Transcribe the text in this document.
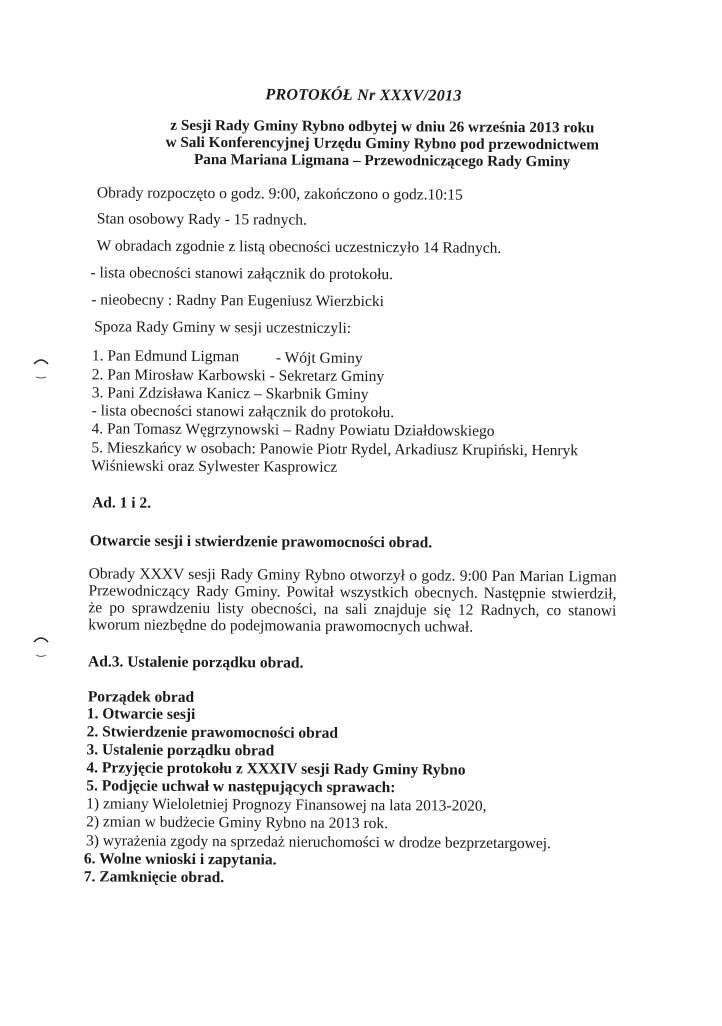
PROTOKÓŁ Nr XXXV/2013
z Sesji Rady Gminy Rybno odbytej w dniu 26 września 2013 roku
w Sali Konferencyjnej Urzędu Gminy Rybno pod przewodnictwem
Pana Mariana Ligmana – Przewodniczącego Rady Gminy
Obrady rozpoczęto o godz. 9:00, zakończono o godz.10:15
Stan osobowy Rady - 15 radnych.
W obradach zgodnie z listą obecności uczestniczyło 14 Radnych.
- lista obecności stanowi załącznik do protokołu.
- nieobecny : Radny Pan Eugeniusz Wierzbicki
Spoza Rady Gminy w sesji uczestniczyli:
1. Pan Edmund Ligman - Wójt Gminy
2. Pan Mirosław Karbowski - Sekretarz Gminy
3. Pani Zdzisława Kanicz – Skarbnik Gminy
- lista obecności stanowi załącznik do protokołu.
4. Pan Tomasz Węgrzynowski – Radny Powiatu Działdowskiego
5. Mieszkańcy w osobach: Panowie Piotr Rydel, Arkadiusz Krupiński, Henryk
Wiśniewski oraz Sylwester Kasprowicz
Ad. 1 i 2.
Otwarcie sesji i stwierdzenie prawomocności obrad.
Obrady XXXV sesji Rady Gminy Rybno otworzył o godz. 9:00 Pan Marian Ligman
Przewodniczący Rady Gminy. Powitał wszystkich obecnych. Następnie stwierdził,
że po sprawdzeniu listy obecności, na sali znajduje się 12 Radnych, co stanowi
kworum niezbędne do podejmowania prawomocnych uchwał.
Ad.3. Ustalenie porządku obrad.
Porządek obrad
1. Otwarcie sesji
2. Stwierdzenie prawomocności obrad
3. Ustalenie porządku obrad
4. Przyjęcie protokołu z XXXIV sesji Rady Gminy Rybno
5. Podjęcie uchwał w następujących sprawach:
1) zmiany Wieloletniej Prognozy Finansowej na lata 2013-2020,
2) zmian w budżecie Gminy Rybno na 2013 rok.
3) wyrażenia zgody na sprzedaż nieruchomości w drodze bezprzetargowej.
6. Wolne wnioski i zapytania.
7. Zamknięcie obrad.
